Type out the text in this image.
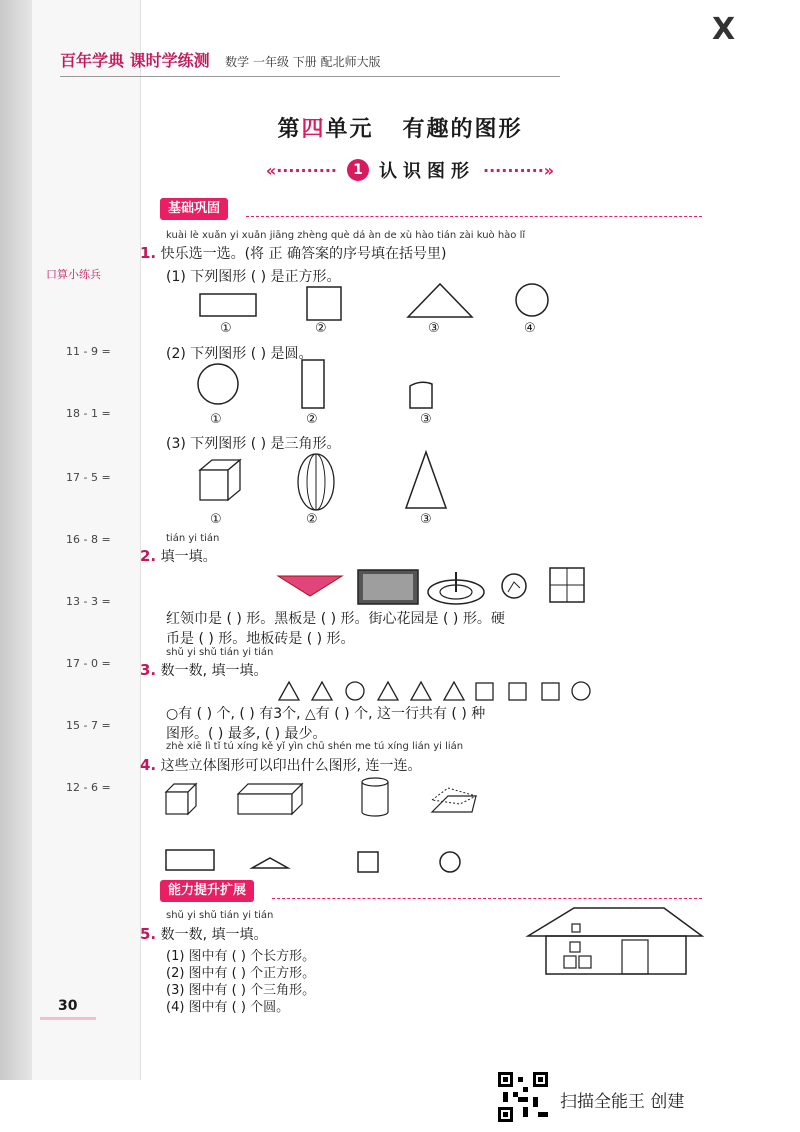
X
百年学典 课时学练测 数学 一年级 下册 配北师大版
第四单元 有趣的图形
«··········	1 认识图形 ··········»
基础巩固
口算小练兵
11 - 9 =
18 - 1 =
17 - 5 =
16 - 8 =
13 - 3 =
17 - 0 =
15 - 7 =
12 - 6 =
kuài lè xuǎn yi xuǎn jiāng zhèng què dá àn de xù hào tián zài kuò hào lǐ
1. 快乐选一选。(将 正 确答案的序号填在括号里)
(1) 下列图形 ( ) 是正方形。
①	②	③	④
(2) 下列图形 ( ) 是圆。
①	②	③
(3) 下列图形 ( ) 是三角形。
①	②	③
tián yi tián
2. 填一填。
红领巾是 ( ) 形。黑板是 ( ) 形。街心花园是 ( ) 形。硬
币是 ( ) 形。地板砖是 ( ) 形。
shǔ yi shǔ tián yi tián
3. 数一数, 填一填。
○有 ( ) 个, ( ) 有3个, △有 ( ) 个, 这一行共有 ( ) 种
图形。( ) 最多, ( ) 最少。
zhè xiē lì tǐ tú xíng kě yǐ yìn chū shén me tú xíng lián yi lián
4. 这些立体图形可以印出什么图形, 连一连。
能力提升扩展
shǔ yi shǔ tián yi tián
5. 数一数, 填一填。
(1) 图中有 ( ) 个长方形。
(2) 图中有 ( ) 个正方形。
(3) 图中有 ( ) 个三角形。
(4) 图中有 ( ) 个圆。
30
扫描全能王 创建
